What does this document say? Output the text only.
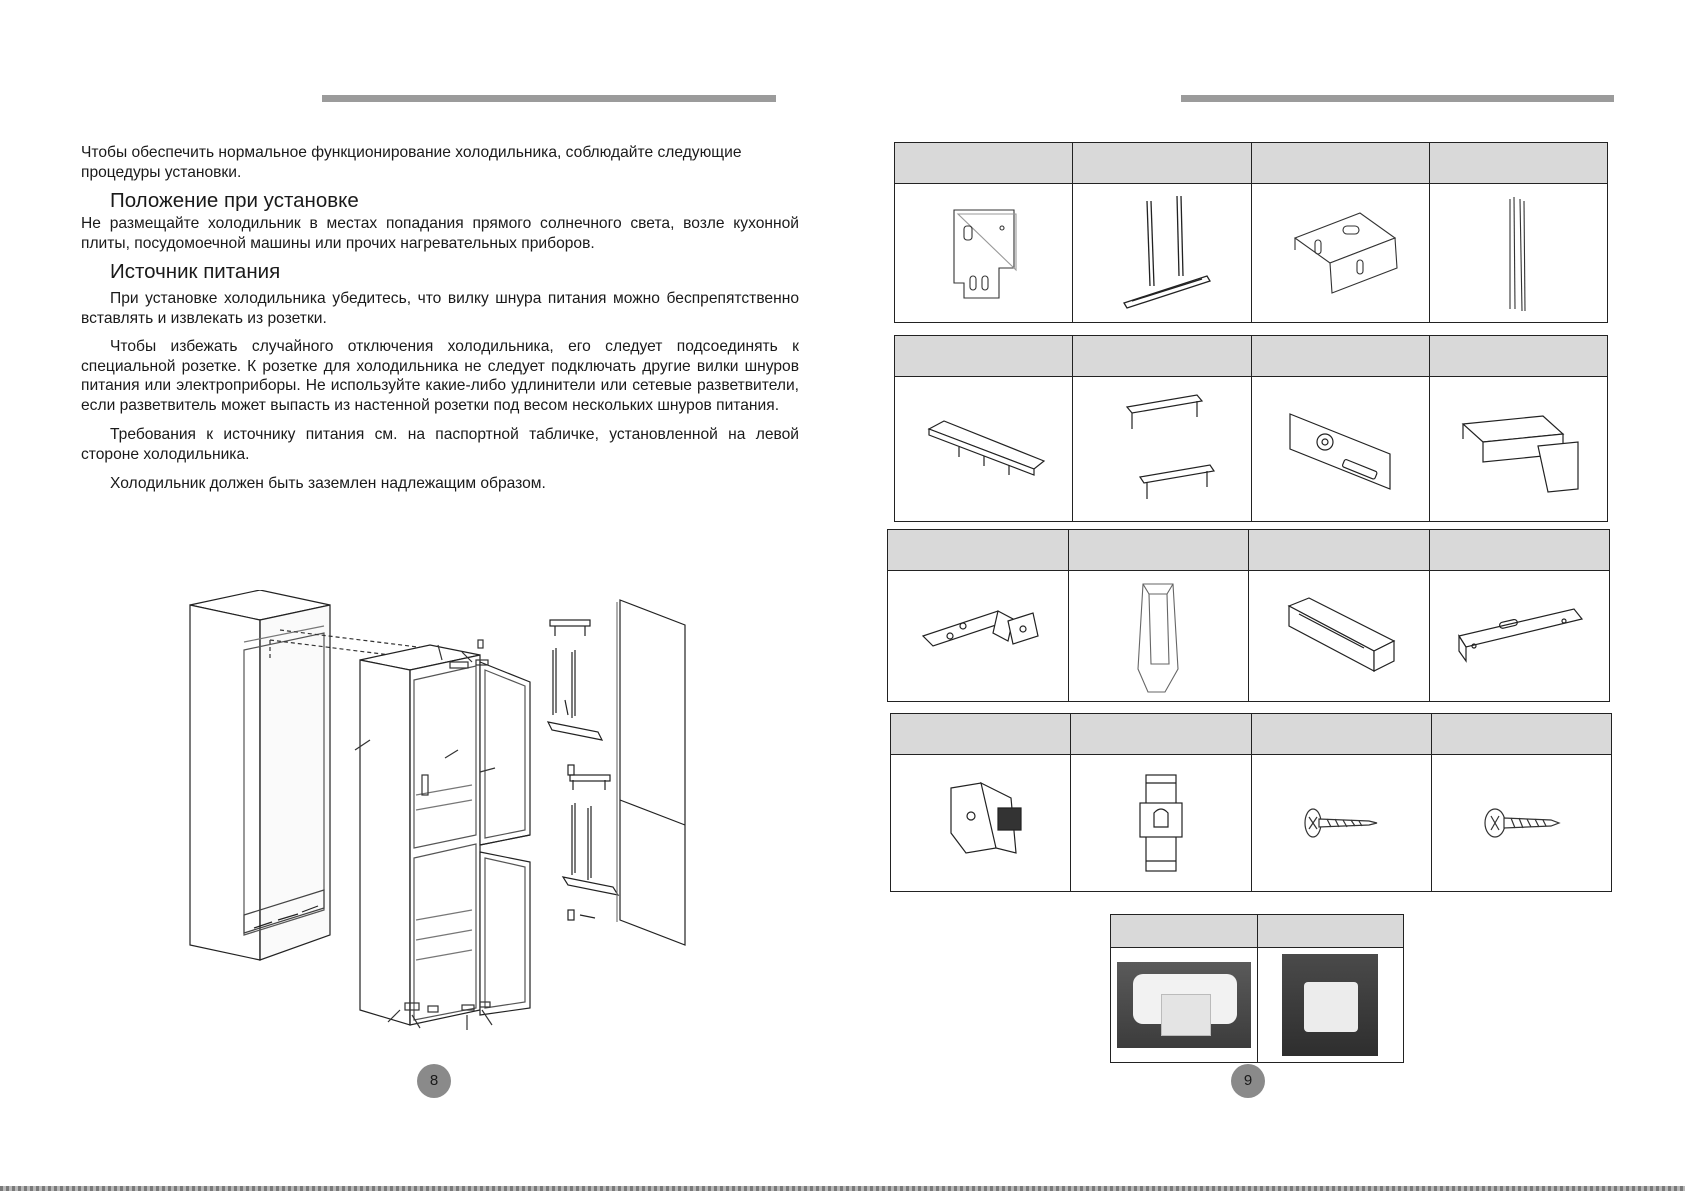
Чтобы обеспечить нормальное функционирование холодильника, соблюдайте следующие процедуры установки.

Положение при установке

Не размещайте холодильник в местах попадания прямого солнечного света, возле кухонной плиты, посудомоечной машины или прочих нагревательных приборов.

Источник питания

При установке холодильника убедитесь, что вилку шнура питания можно беспрепятственно вставлять и извлекать из розетки.

Чтобы избежать случайного отключения холодильника, его следует подсоединять к специальной розетке. К розетке для холодильника не следует подключать другие вилки шнуров питания или электроприборы. Не используйте какие-либо удлинители или сетевые разветвители, если разветвитель может выпасть из настенной розетки под весом нескольких шнуров питания.

Требования к источнику питания см. на паспортной табличке, установленной на левой стороне холодильника.

Холодильник должен быть заземлен надлежащим образом.

8	9
